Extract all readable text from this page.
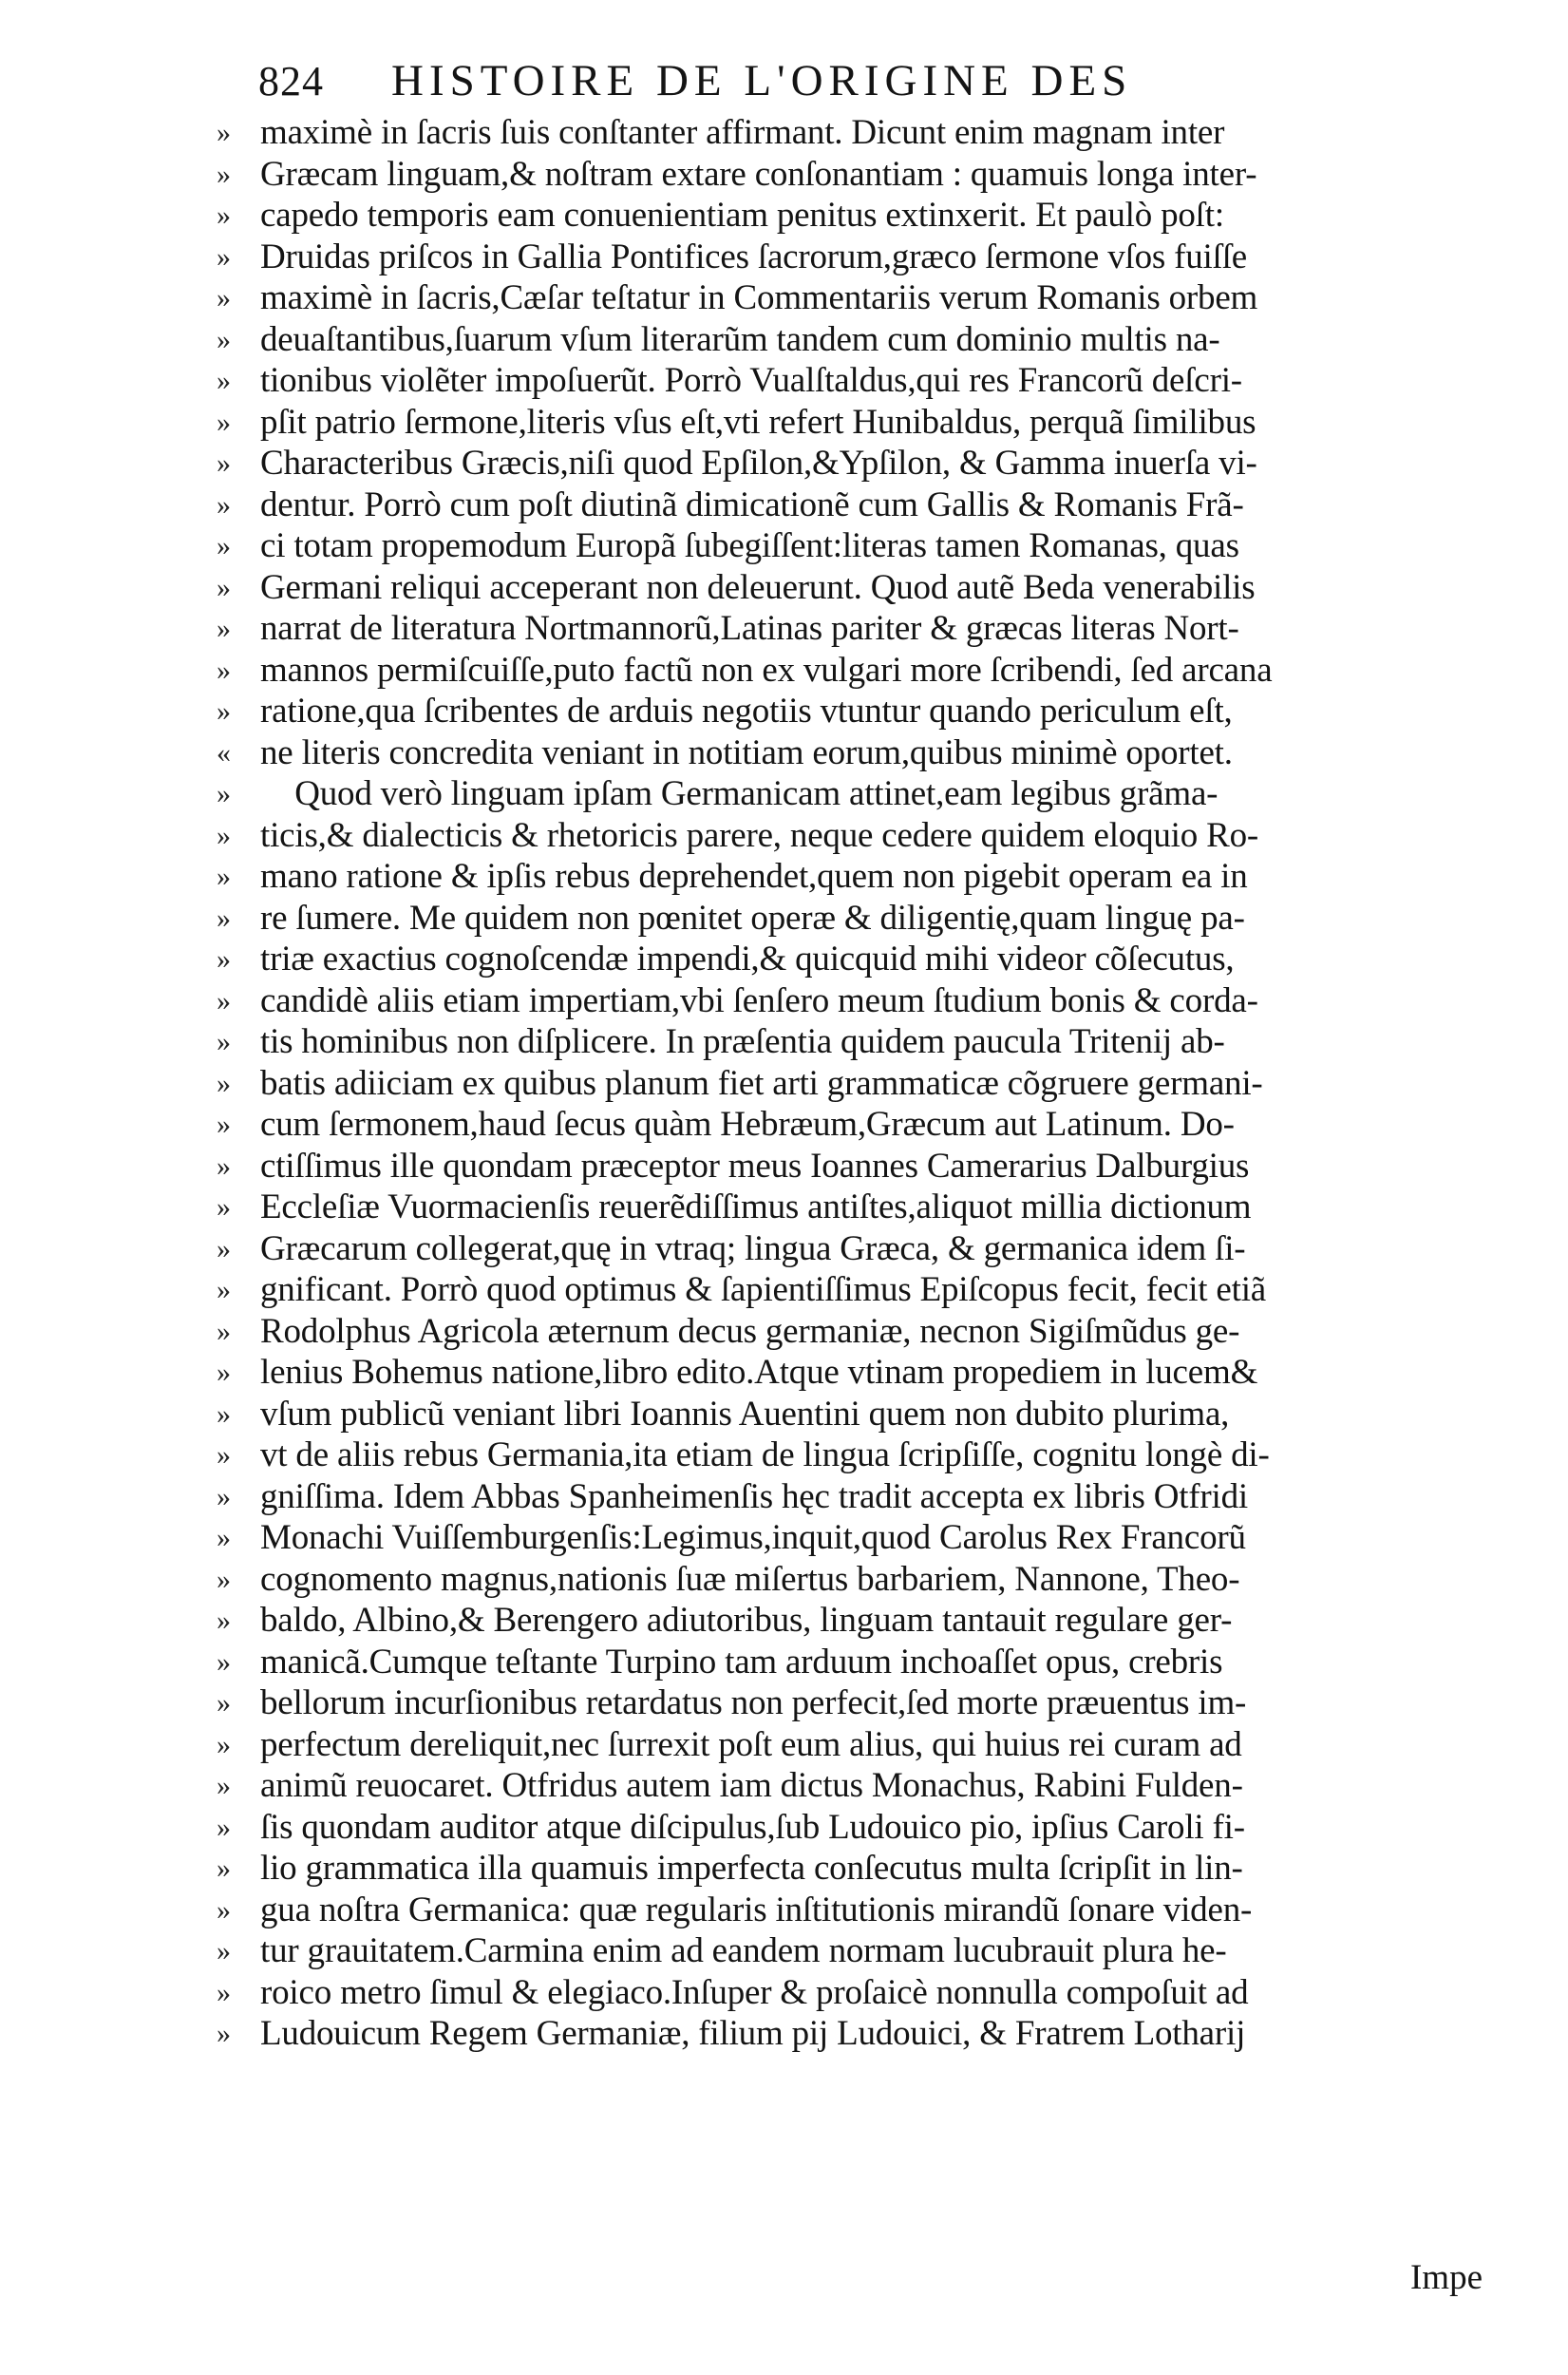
824 HISTOIRE DE L'ORIGINE DES
» maximè in ſacris ſuis conſtanter affirmant. Dicunt enim magnam inter
» Græcam linguam,& noſtram extare conſonantiam : quamuis longa inter-
» capedo temporis eam conuenientiam penitus extinxerit. Et paulò poſt:
» Druidas priſcos in Gallia Pontifices ſacrorum,græco ſermone vſos fuiſſe
» maximè in ſacris,Cæſar teſtatur in Commentariis verum Romanis orbem
» deuaſtantibus,ſuarum vſum literarũm tandem cum dominio multis na-
» tionibus violẽter impoſuerũt. Porrò Vualſtaldus,qui res Francorũ deſcri-
» pſit patrio ſermone,literis vſus eſt,vti refert Hunibaldus, perquã ſimilibus
» Characteribus Græcis,niſi quod Epſilon,&Ypſilon, & Gamma inuerſa vi-
» dentur. Porrò cum poſt diutinã dimicationẽ cum Gallis & Romanis Frã-
» ci totam propemodum Europã ſubegiſſent:literas tamen Romanas, quas
» Germani reliqui acceperant non deleuerunt. Quod autẽ Beda venerabilis
» narrat de literatura Nortmannorũ,Latinas pariter & græcas literas Nort-
» mannos permiſcuiſſe,puto factũ non ex vulgari more ſcribendi, ſed arcana
» ratione,qua ſcribentes de arduis negotiis vtuntur quando periculum eſt,
« ne literis concredita veniant in notitiam eorum,quibus minimè oportet.
» Quod verò linguam ipſam Germanicam attinet,eam legibus grãma-
» ticis,& dialecticis & rhetoricis parere, neque cedere quidem eloquio Ro-
» mano ratione & ipſis rebus deprehendet,quem non pigebit operam ea in
» re ſumere. Me quidem non pœnitet operæ & diligentię,quam linguę pa-
» triæ exactius cognoſcendæ impendi,& quicquid mihi videor cõſecutus,
» candidè aliis etiam impertiam,vbi ſenſero meum ſtudium bonis & corda-
» tis hominibus non diſplicere. In præſentia quidem paucula Tritenij ab-
» batis adiiciam ex quibus planum fiet arti grammaticæ cõgruere germani-
» cum ſermonem,haud ſecus quàm Hebræum,Græcum aut Latinum. Do-
» ctiſſimus ille quondam præceptor meus Ioannes Camerarius Dalburgius
» Eccleſiæ Vuormacienſis reuerẽdiſſimus antiſtes,aliquot millia dictionum
» Græcarum collegerat,quę in vtraq; lingua Græca, & germanica idem ſi-
» gnificant. Porrò quod optimus & ſapientiſſimus Epiſcopus fecit, fecit etiã
» Rodolphus Agricola æternum decus germaniæ, necnon Sigiſmũdus ge-
» lenius Bohemus natione,libro edito.Atque vtinam propediem in lucem&
» vſum publicũ veniant libri Ioannis Auentini quem non dubito plurima,
» vt de aliis rebus Germania,ita etiam de lingua ſcripſiſſe, cognitu longè di-
» gniſſima. Idem Abbas Spanheimenſis hęc tradit accepta ex libris Otfridi
» Monachi Vuiſſemburgenſis:Legimus,inquit,quod Carolus Rex Francorũ
» cognomento magnus,nationis ſuæ miſertus barbariem, Nannone, Theo-
» baldo, Albino,& Berengero adiutoribus, linguam tantauit regulare ger-
» manicã.Cumque teſtante Turpino tam arduum inchoaſſet opus, crebris
» bellorum incurſionibus retardatus non perfecit,ſed morte præuentus im-
» perfectum dereliquit,nec ſurrexit poſt eum alius, qui huius rei curam ad
» animũ reuocaret. Otfridus autem iam dictus Monachus, Rabini Fulden-
» ſis quondam auditor atque diſcipulus,ſub Ludouico pio, ipſius Caroli fi-
» lio grammatica illa quamuis imperfecta conſecutus multa ſcripſit in lin-
» gua noſtra Germanica: quæ regularis inſtitutionis mirandũ ſonare viden-
» tur grauitatem.Carmina enim ad eandem normam lucubrauit plura he-
» roico metro ſimul & elegiaco.Inſuper & proſaicè nonnulla compoſuit ad
» Ludouicum Regem Germaniæ, filium pij Ludouici, & Fratrem Lotharij
Impe
